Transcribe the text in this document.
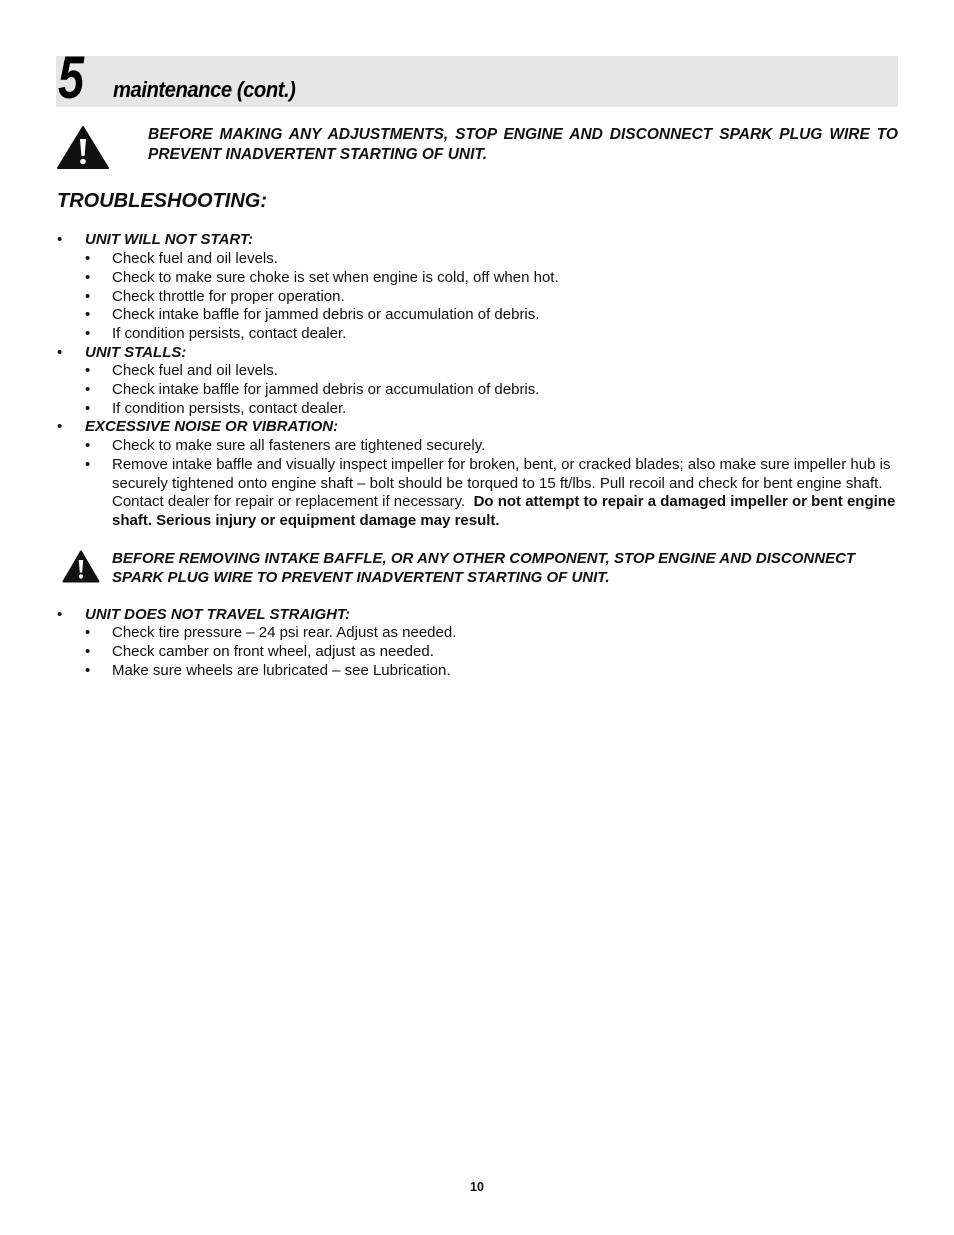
5 maintenance (cont.)
BEFORE MAKING ANY ADJUSTMENTS, STOP ENGINE AND DISCONNECT SPARK PLUG WIRE TO PREVENT INADVERTENT STARTING OF UNIT.
TROUBLESHOOTING:
• UNIT WILL NOT START:
• Check fuel and oil levels.
• Check to make sure choke is set when engine is cold, off when hot.
• Check throttle for proper operation.
• Check intake baffle for jammed debris or accumulation of debris.
• If condition persists, contact dealer.
• UNIT STALLS:
• Check fuel and oil levels.
• Check intake baffle for jammed debris or accumulation of debris.
• If condition persists, contact dealer.
• EXCESSIVE NOISE OR VIBRATION:
• Check to make sure all fasteners are tightened securely.
• Remove intake baffle and visually inspect impeller for broken, bent, or cracked blades; also make sure impeller hub is securely tightened onto engine shaft – bolt should be torqued to 15 ft/lbs. Pull recoil and check for bent engine shaft. Contact dealer for repair or replacement if necessary. Do not attempt to repair a damaged impeller or bent engine shaft. Serious injury or equipment damage may result.
BEFORE REMOVING INTAKE BAFFLE, OR ANY OTHER COMPONENT, STOP ENGINE AND DISCONNECT SPARK PLUG WIRE TO PREVENT INADVERTENT STARTING OF UNIT.
• UNIT DOES NOT TRAVEL STRAIGHT:
• Check tire pressure – 24 psi rear. Adjust as needed.
• Check camber on front wheel, adjust as needed.
• Make sure wheels are lubricated – see Lubrication.
10
